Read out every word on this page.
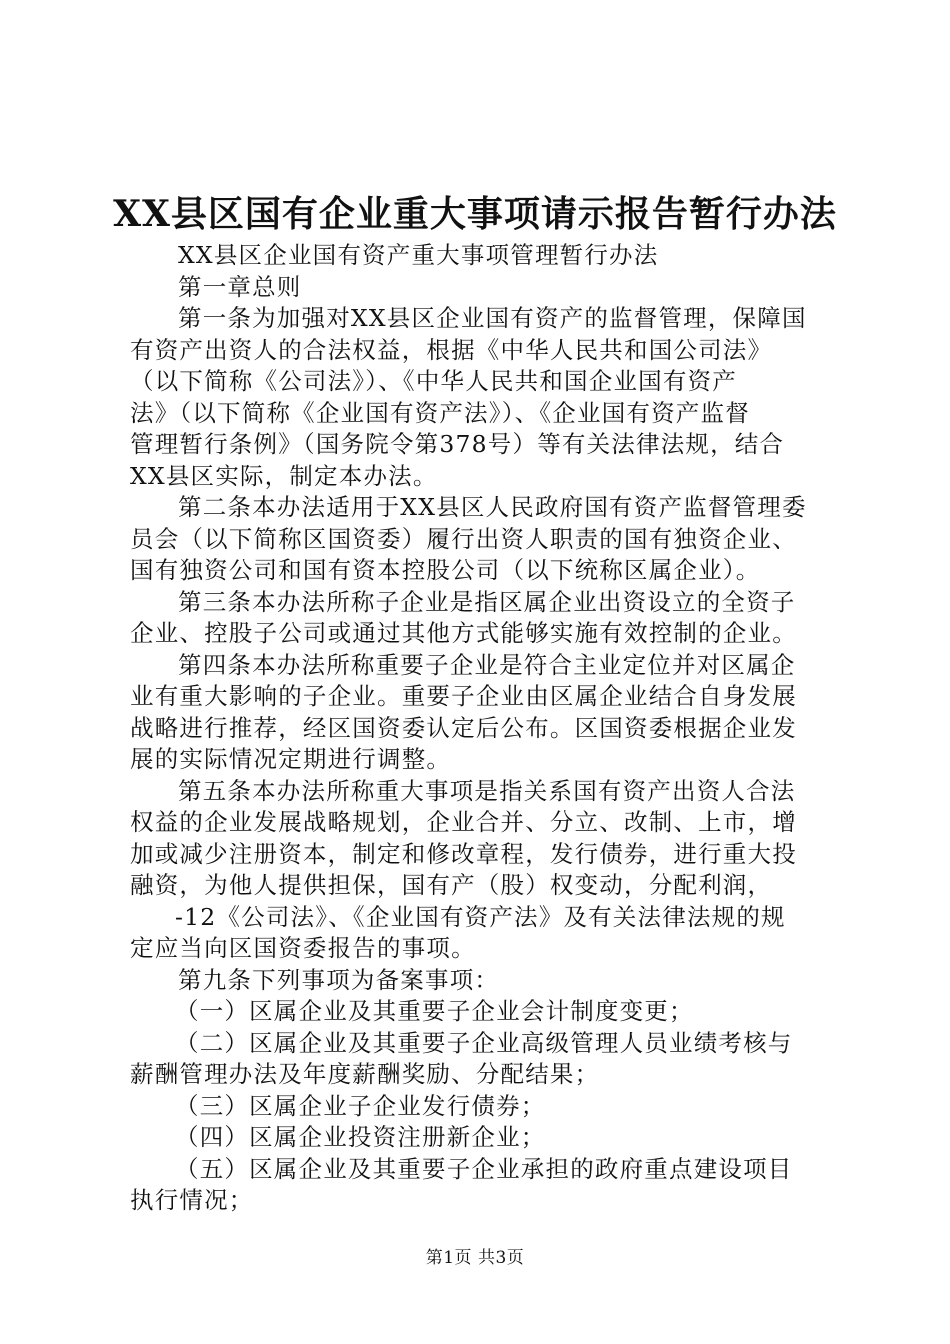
XX县区国有企业重大事项请示报告暂行办法
XX县区企业国有资产重大事项管理暂行办法
第一章总则
第一条为加强对XX县区企业国有资产的监督管理，保障国
有资产出资人的合法权益，根据《中华人民共和国公司法》
（以下简称《公司法》）、《中华人民共和国企业国有资产
法》（以下简称《企业国有资产法》）、《企业国有资产监督
管理暂行条例》（国务院令第378号）等有关法律法规，结合
XX县区实际，制定本办法。
第二条本办法适用于XX县区人民政府国有资产监督管理委
员会（以下简称区国资委）履行出资人职责的国有独资企业、
国有独资公司和国有资本控股公司（以下统称区属企业）。
第三条本办法所称子企业是指区属企业出资设立的全资子
企业、控股子公司或通过其他方式能够实施有效控制的企业。
第四条本办法所称重要子企业是符合主业定位并对区属企
业有重大影响的子企业。重要子企业由区属企业结合自身发展
战略进行推荐，经区国资委认定后公布。区国资委根据企业发
展的实际情况定期进行调整。
第五条本办法所称重大事项是指关系国有资产出资人合法
权益的企业发展战略规划，企业合并、分立、改制、上市，增
加或减少注册资本，制定和修改章程，发行债券，进行重大投
融资，为他人提供担保，国有产（股）权变动，分配利润，
-12《公司法》、《企业国有资产法》及有关法律法规的规
定应当向区国资委报告的事项。
第九条下列事项为备案事项：
（一）区属企业及其重要子企业会计制度变更；
（二）区属企业及其重要子企业高级管理人员业绩考核与
薪酬管理办法及年度薪酬奖励、分配结果；
（三）区属企业子企业发行债券；
（四）区属企业投资注册新企业；
（五）区属企业及其重要子企业承担的政府重点建设项目
执行情况；
第1页 共3页
